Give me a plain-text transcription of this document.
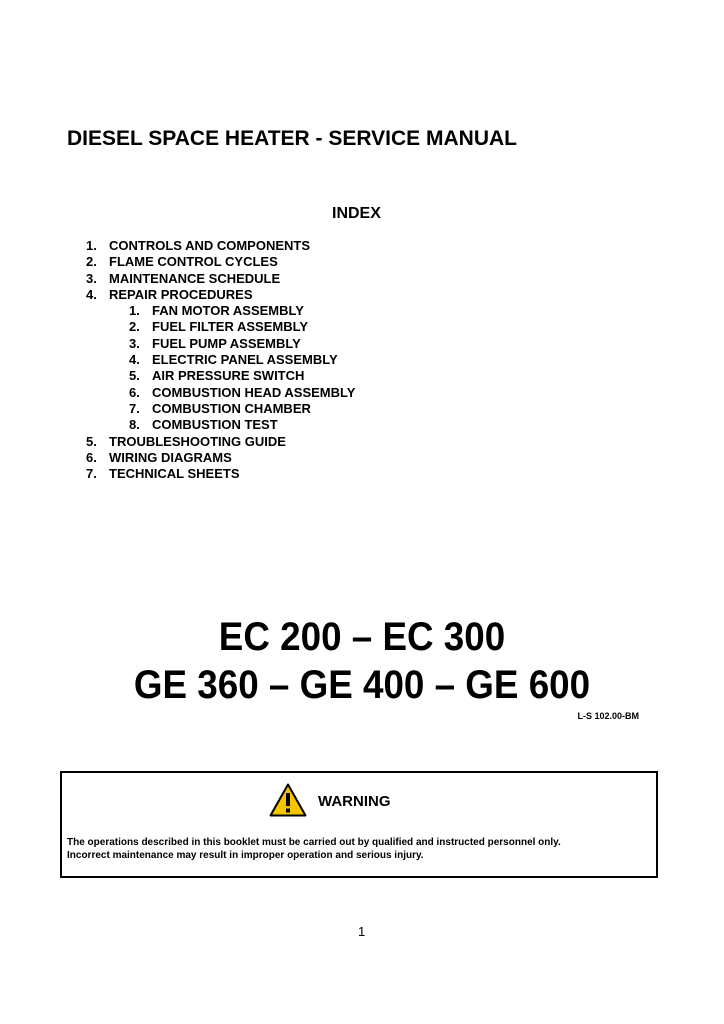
DIESEL SPACE HEATER - SERVICE MANUAL
INDEX
1. CONTROLS AND COMPONENTS
2. FLAME CONTROL CYCLES
3. MAINTENANCE SCHEDULE
4. REPAIR PROCEDURES
1. FAN MOTOR ASSEMBLY
2. FUEL FILTER ASSEMBLY
3. FUEL PUMP ASSEMBLY
4. ELECTRIC PANEL ASSEMBLY
5. AIR PRESSURE SWITCH
6. COMBUSTION HEAD ASSEMBLY
7. COMBUSTION CHAMBER
8. COMBUSTION TEST
5. TROUBLESHOOTING GUIDE
6. WIRING DIAGRAMS
7. TECHNICAL SHEETS
EC 200 – EC 300
GE 360 – GE 400 – GE 600
L-S 102.00-BM
WARNING

The operations described in this booklet must be carried out by qualified and instructed personnel only.
Incorrect maintenance may result in improper operation and serious injury.

1
